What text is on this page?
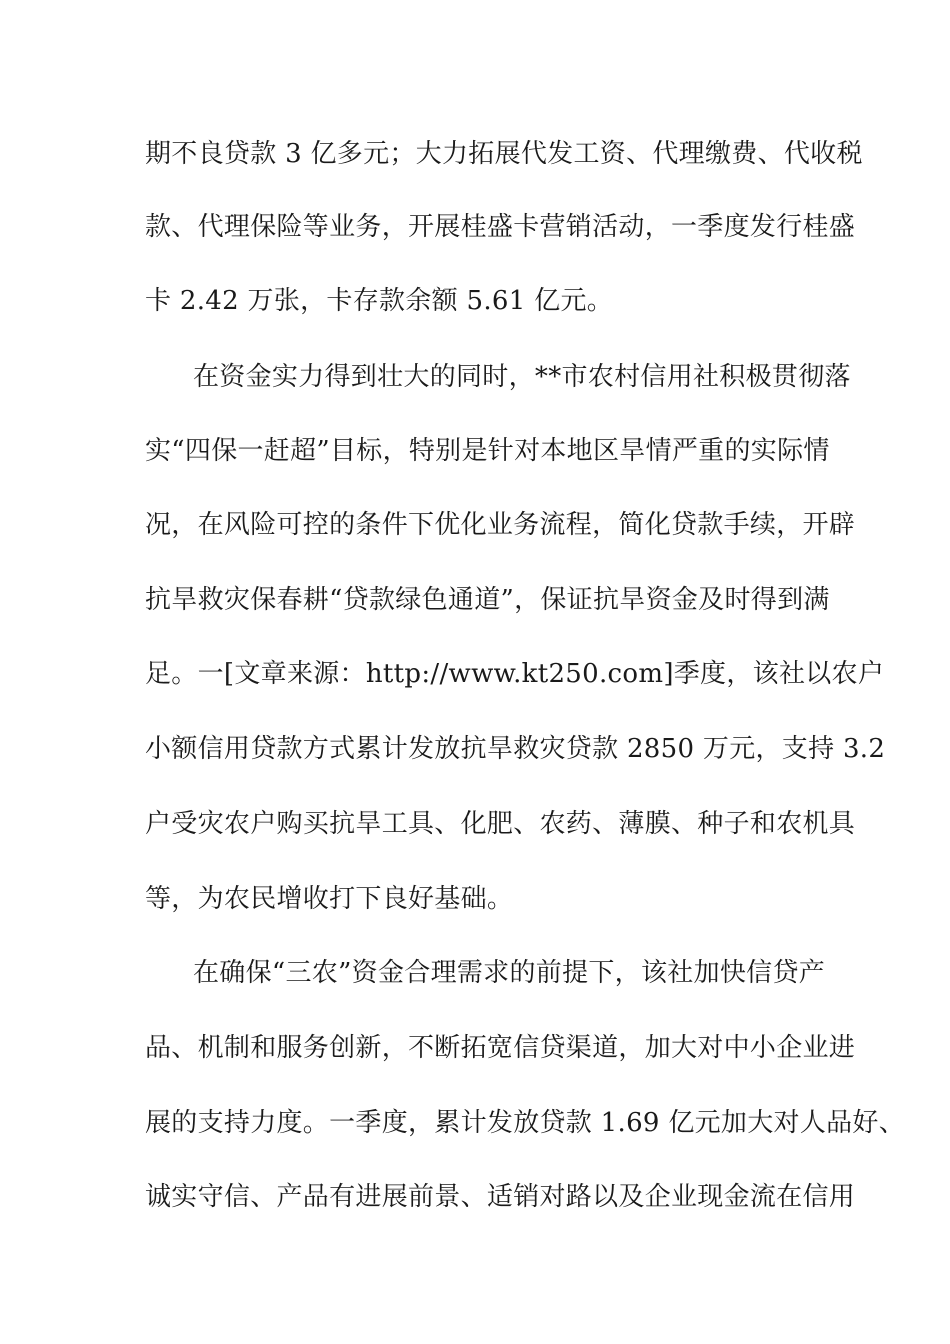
期不良贷款 3 亿多元；大力拓展代发工资、代理缴费、代收税
款、代理保险等业务，开展桂盛卡营销活动，一季度发行桂盛
卡 2.42 万张，卡存款余额 5.61 亿元。
在资金实力得到壮大的同时，**市农村信用社积极贯彻落
实“四保一赶超”目标，特别是针对本地区旱情严重的实际情
况，在风险可控的条件下优化业务流程，简化贷款手续，开辟
抗旱救灾保春耕“贷款绿色通道”，保证抗旱资金及时得到满
足。一[文章来源：http://www.kt250.com]季度，该社以农户
小额信用贷款方式累计发放抗旱救灾贷款 2850 万元，支持 3.2
户受灾农户购买抗旱工具、化肥、农药、薄膜、种子和农机具
等，为农民增收打下良好基础。
在确保“三农”资金合理需求的前提下，该社加快信贷产
品、机制和服务创新，不断拓宽信贷渠道，加大对中小企业进
展的支持力度。一季度，累计发放贷款 1.69 亿元加大对人品好、
诚实守信、产品有进展前景、适销对路以及企业现金流在信用
